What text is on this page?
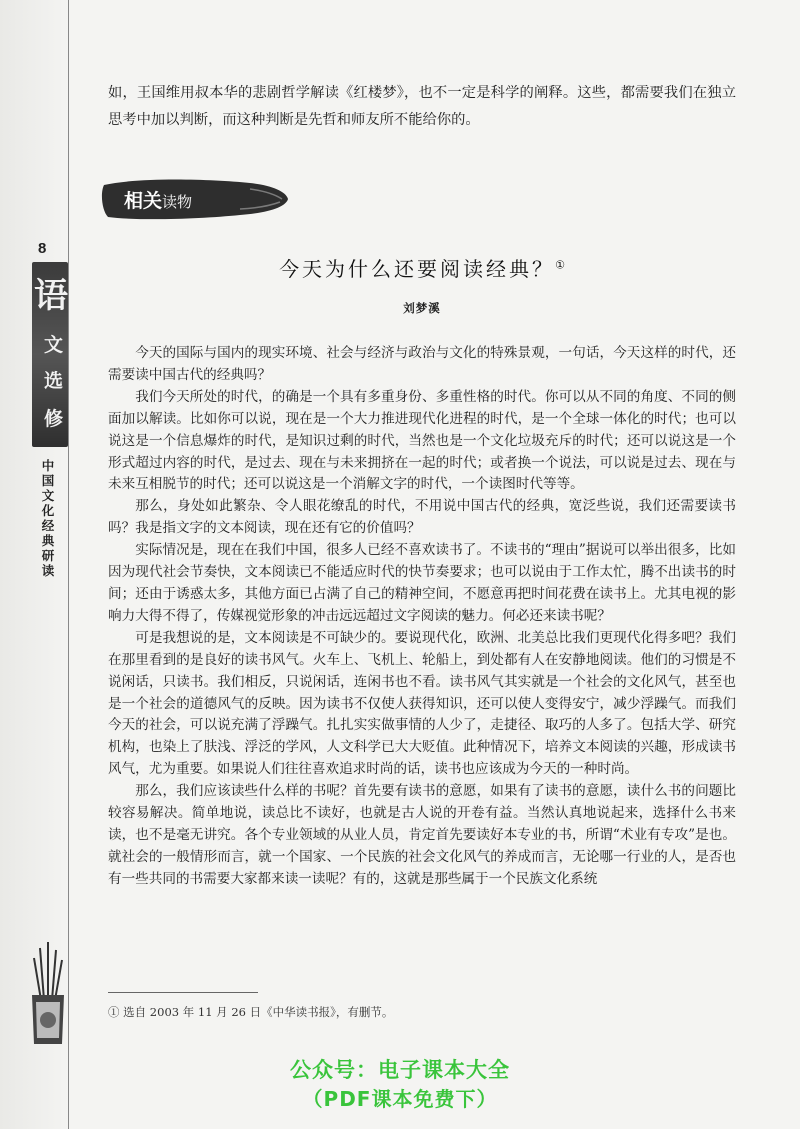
8
语
文
选
修
中国文化经典研读

如，王国维用叔本华的悲剧哲学解读《红楼梦》，也不一定是科学的阐释。这些，都需要我们在独立思考中加以判断，而这种判断是先哲和师友所不能给你的。

相关读物
今天为什么还要阅读经典？①
刘梦溪

今天的国际与国内的现实环境、社会与经济与政治与文化的特殊景观，一句话，今天这样的时代，还需要读中国古代的经典吗？

我们今天所处的时代，的确是一个具有多重身份、多重性格的时代。你可以从不同的角度、不同的侧面加以解读。比如你可以说，现在是一个大力推进现代化进程的时代，是一个全球一体化的时代；也可以说这是一个信息爆炸的时代，是知识过剩的时代，当然也是一个文化垃圾充斥的时代；还可以说这是一个形式超过内容的时代，是过去、现在与未来拥挤在一起的时代；或者换一个说法，可以说是过去、现在与未来互相脱节的时代；还可以说这是一个消解文字的时代，一个读图时代等等。

那么，身处如此繁杂、令人眼花缭乱的时代，不用说中国古代的经典，宽泛些说，我们还需要读书吗？我是指文字的文本阅读，现在还有它的价值吗？

实际情况是，现在在我们中国，很多人已经不喜欢读书了。不读书的“理由”据说可以举出很多，比如因为现代社会节奏快，文本阅读已不能适应时代的快节奏要求；也可以说由于工作太忙，腾不出读书的时间；还由于诱惑太多，其他方面已占满了自己的精神空间，不愿意再把时间花费在读书上。尤其电视的影响力大得不得了，传媒视觉形象的冲击远远超过文字阅读的魅力。何必还来读书呢？

可是我想说的是，文本阅读是不可缺少的。要说现代化，欧洲、北美总比我们更现代化得多吧？我们在那里看到的是良好的读书风气。火车上、飞机上、轮船上，到处都有人在安静地阅读。他们的习惯是不说闲话，只读书。我们相反，只说闲话，连闲书也不看。读书风气其实就是一个社会的文化风气，甚至也是一个社会的道德风气的反映。因为读书不仅使人获得知识，还可以使人变得安宁，减少浮躁气。而我们今天的社会，可以说充满了浮躁气。扎扎实实做事情的人少了，走捷径、取巧的人多了。包括大学、研究机构，也染上了肤浅、浮泛的学风，人文科学已大大贬值。此种情况下，培养文本阅读的兴趣，形成读书风气，尤为重要。如果说人们往往喜欢追求时尚的话，读书也应该成为今天的一种时尚。

那么，我们应该读些什么样的书呢？首先要有读书的意愿，如果有了读书的意愿，读什么书的问题比较容易解决。简单地说，读总比不读好，也就是古人说的开卷有益。当然认真地说起来，选择什么书来读，也不是毫无讲究。各个专业领域的从业人员，肯定首先要读好本专业的书，所谓“术业有专攻”是也。就社会的一般情形而言，就一个国家、一个民族的社会文化风气的养成而言，无论哪一行业的人，是否也有一些共同的书需要大家都来读一读呢？有的，这就是那些属于一个民族文化系统

① 选自 2003 年 11 月 26 日《中华读书报》，有删节。
公众号：电子课本大全
（PDF课本免费下）
